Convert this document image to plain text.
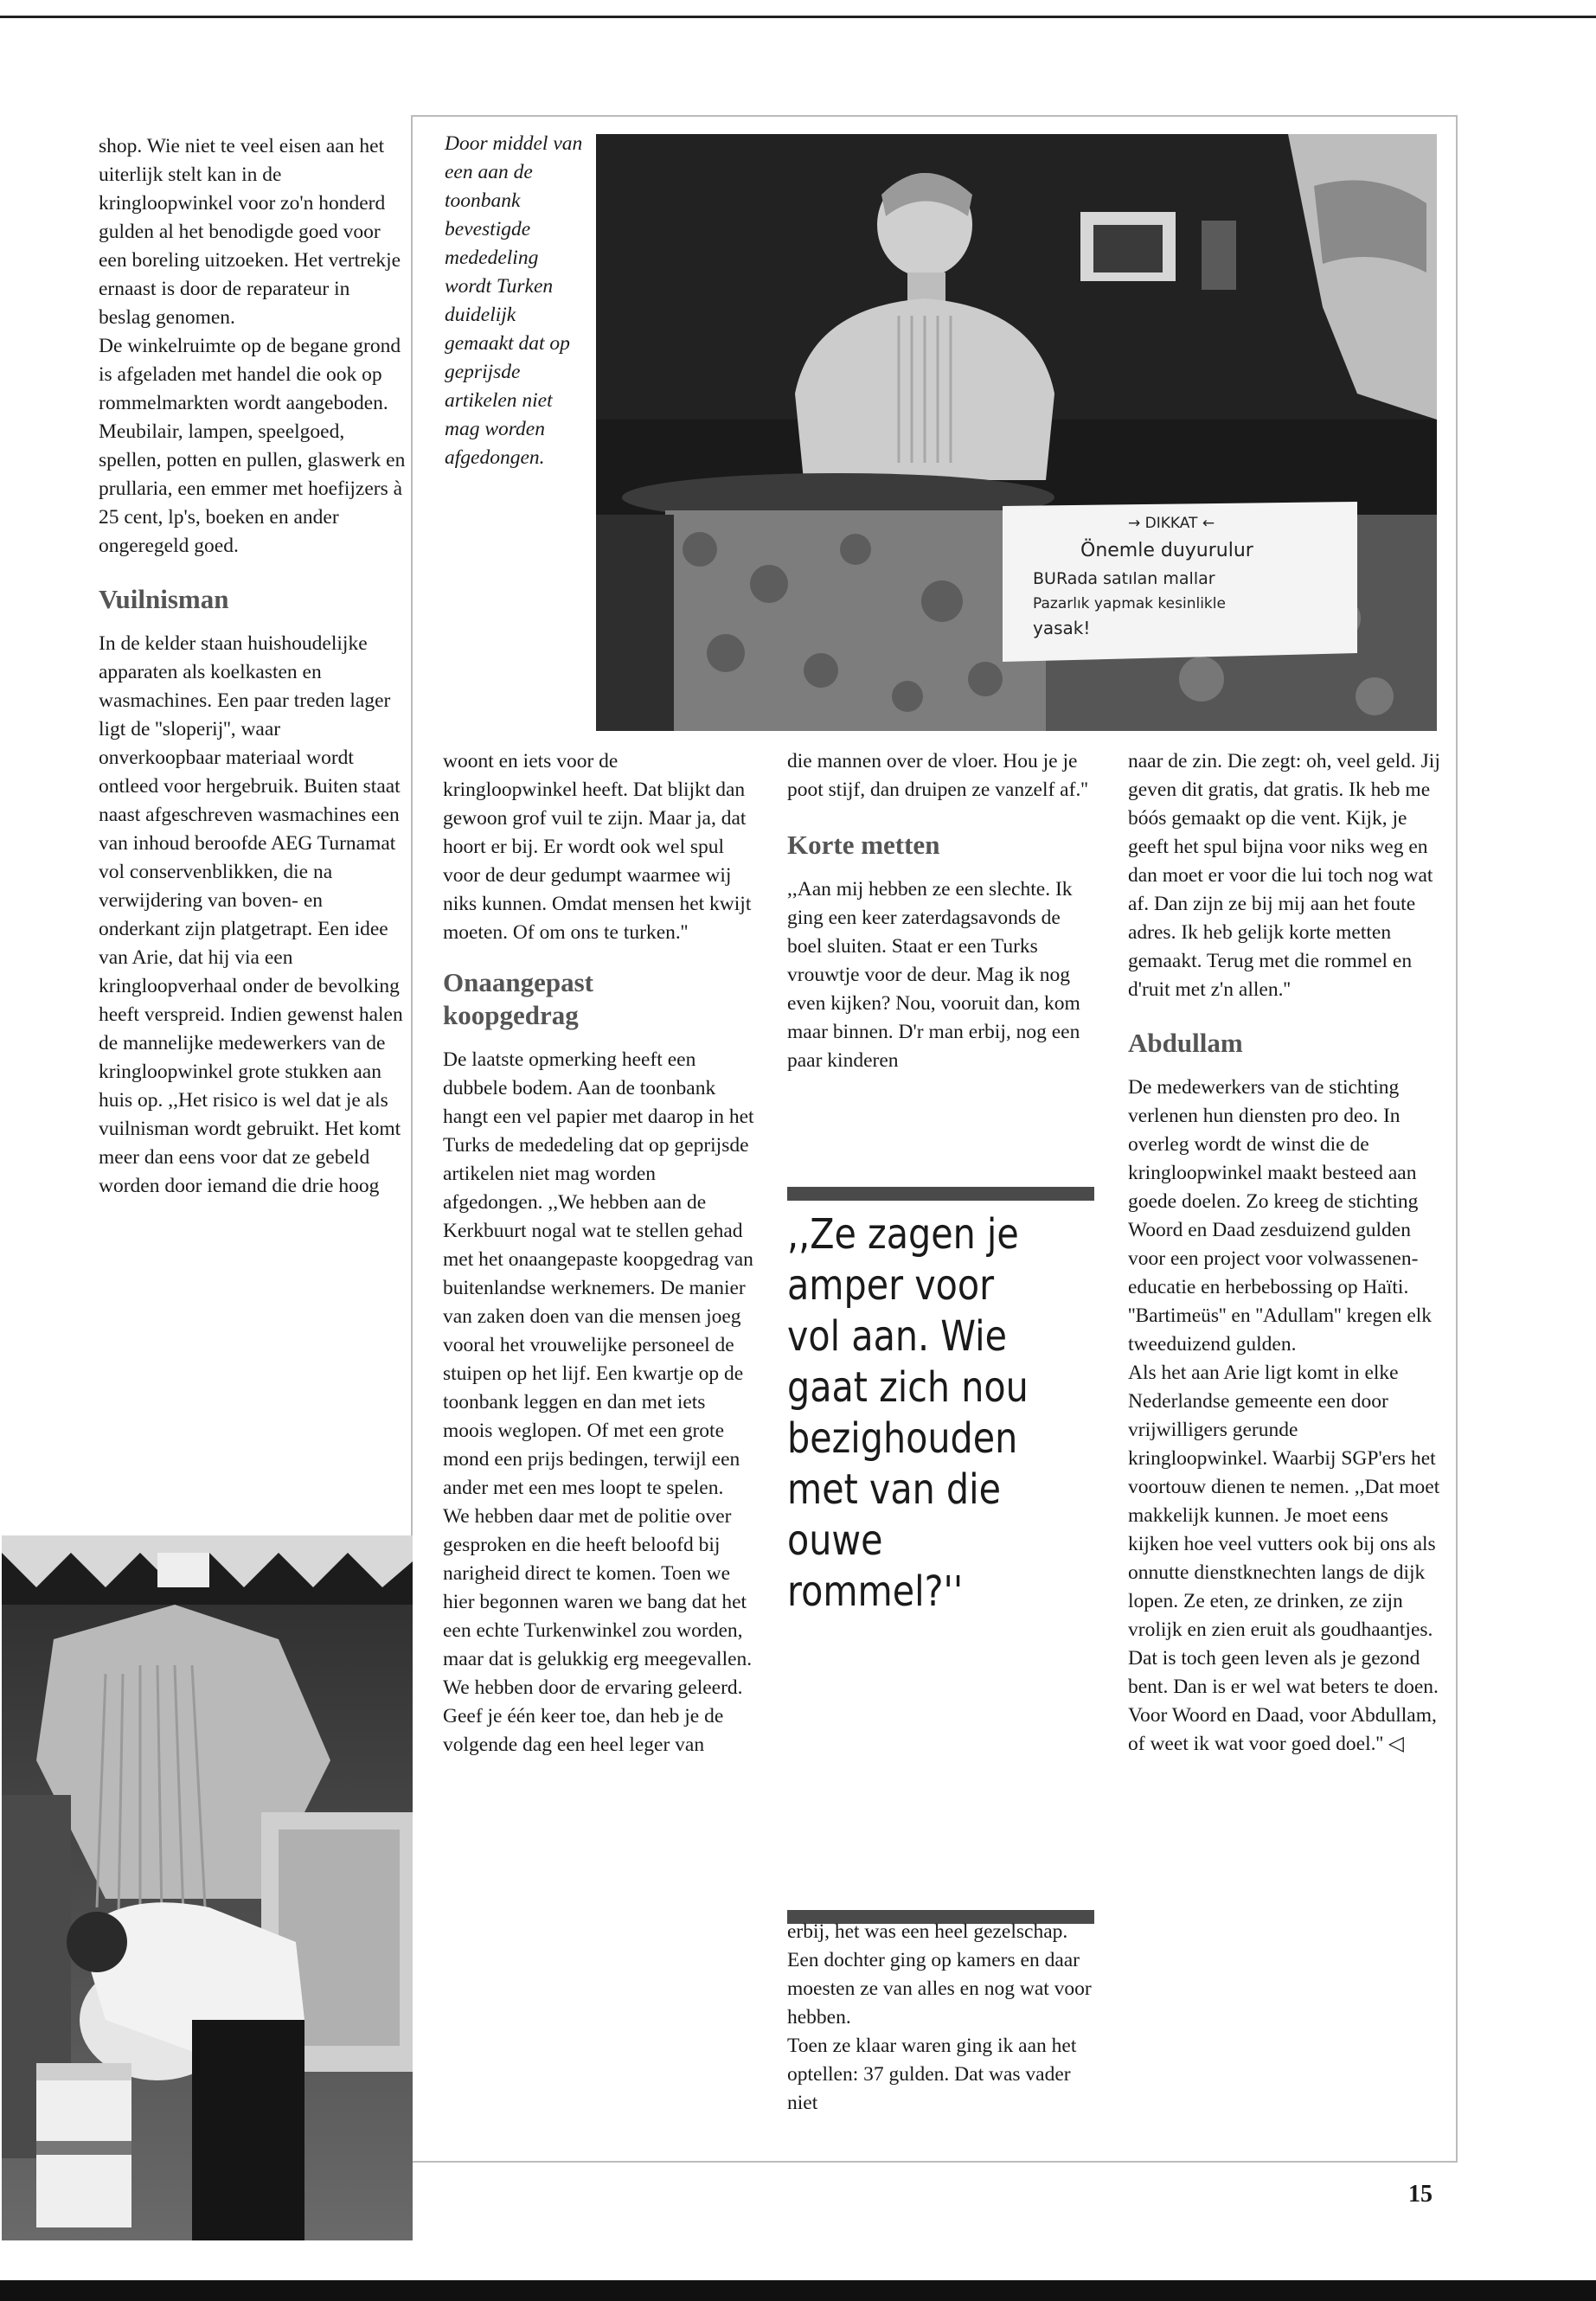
shop. Wie niet te veel eisen aan het uiterlijk stelt kan in de kringloopwinkel voor zo'n honderd gulden al het benodigde goed voor een boreling uitzoeken. Het vertrekje ernaast is door de reparateur in beslag genomen.

De winkelruimte op de begane grond is afgeladen met handel die ook op rommelmarkten wordt aangeboden. Meubilair, lampen, speelgoed, spellen, potten en pullen, glaswerk en prullaria, een emmer met hoefijzers à 25 cent, lp's, boeken en ander ongeregeld goed.

Vuilnisman

In de kelder staan huishoudelijke apparaten als koelkasten en wasmachines. Een paar treden lager ligt de ''sloperij'', waar onverkoopbaar materiaal wordt ontleed voor hergebruik. Buiten staat naast afgeschreven wasmachines een van inhoud beroofde AEG Turnamat vol conservenblikken, die na verwijdering van boven- en onderkant zijn platgetrapt. Een idee van Arie, dat hij via een kringloopverhaal onder de bevolking heeft verspreid. Indien gewenst halen de mannelijke medewerkers van de kringloopwinkel grote stukken aan huis op. ,,Het risico is wel dat je als vuilnisman wordt gebruikt. Het komt meer dan eens voor dat ze gebeld worden door iemand die drie hoog

→ DIKKAT ←
Önemle duyurulur
BURada satılan mallar
Pazarlık yapmak kesinlikle
yasak!
Door middel van een aan de toonbank bevestigde mededeling wordt Turken duidelijk gemaakt dat op geprijsde artikelen niet mag worden afgedongen.

woont en iets voor de kringloopwinkel heeft. Dat blijkt dan gewoon grof vuil te zijn. Maar ja, dat hoort er bij. Er wordt ook wel spul voor de deur gedumpt waarmee wij niks kunnen. Omdat mensen het kwijt moeten. Of om ons te turken.''

Onaangepast koopgedrag

De laatste opmerking heeft een dubbele bodem. Aan de toonbank hangt een vel papier met daarop in het Turks de mededeling dat op geprijsde artikelen niet mag worden afgedongen. ,,We hebben aan de Kerkbuurt nogal wat te stellen gehad met het onaangepaste koopgedrag van buitenlandse werknemers. De manier van zaken doen van die mensen joeg vooral het vrouwelijke personeel de stuipen op het lijf. Een kwartje op de toonbank leggen en dan met iets moois weglopen. Of met een grote mond een prijs bedingen, terwijl een ander met een mes loopt te spelen. We hebben daar met de politie over gesproken en die heeft beloofd bij narigheid direct te komen. Toen we hier begonnen waren we bang dat het een echte Turkenwinkel zou worden, maar dat is gelukkig erg meegevallen. We hebben door de ervaring geleerd. Geef je één keer toe, dan heb je de volgende dag een heel leger van

die mannen over de vloer. Hou je je poot stijf, dan druipen ze vanzelf af.''

Korte metten

,,Aan mij hebben ze een slechte. Ik ging een keer zaterdagsavonds de boel sluiten. Staat er een Turks vrouwtje voor de deur. Mag ik nog even kijken? Nou, vooruit dan, kom maar binnen. D'r man erbij, nog een paar kinderen

,,Ze zagen je amper voor vol aan. Wie gaat zich nou bezighouden met van die ouwe rommel?''

erbij, het was een heel gezelschap. Een dochter ging op kamers en daar moesten ze van alles en nog wat voor hebben.

Toen ze klaar waren ging ik aan het optellen: 37 gulden. Dat was vader niet

naar de zin. Die zegt: oh, veel geld. Jij geven dit gratis, dat gratis. Ik heb me bóós gemaakt op die vent. Kijk, je geeft het spul bijna voor niks weg en dan moet er voor die lui toch nog wat af. Dan zijn ze bij mij aan het foute adres. Ik heb gelijk korte metten gemaakt. Terug met die rommel en d'ruit met z'n allen.''

Abdullam

De medewerkers van de stichting verlenen hun diensten pro deo. In overleg wordt de winst die de kringloopwinkel maakt besteed aan goede doelen. Zo kreeg de stichting Woord en Daad zesduizend gulden voor een project voor volwassenen-educatie en herbebossing op Haïti. ''Bartimeüs'' en ''Adullam'' kregen elk tweeduizend gulden.

Als het aan Arie ligt komt in elke Nederlandse gemeente een door vrijwilligers gerunde kringloopwinkel. Waarbij SGP'ers het voortouw dienen te nemen. ,,Dat moet makkelijk kunnen. Je moet eens kijken hoe veel vutters ook bij ons als onnutte dienstknechten langs de dijk lopen. Ze eten, ze drinken, ze zijn vrolijk en zien eruit als goudhaantjes. Dat is toch geen leven als je gezond bent. Dan is er wel wat beters te doen. Voor Woord en Daad, voor Abdullam, of weet ik wat voor goed doel.'' ◁

15
